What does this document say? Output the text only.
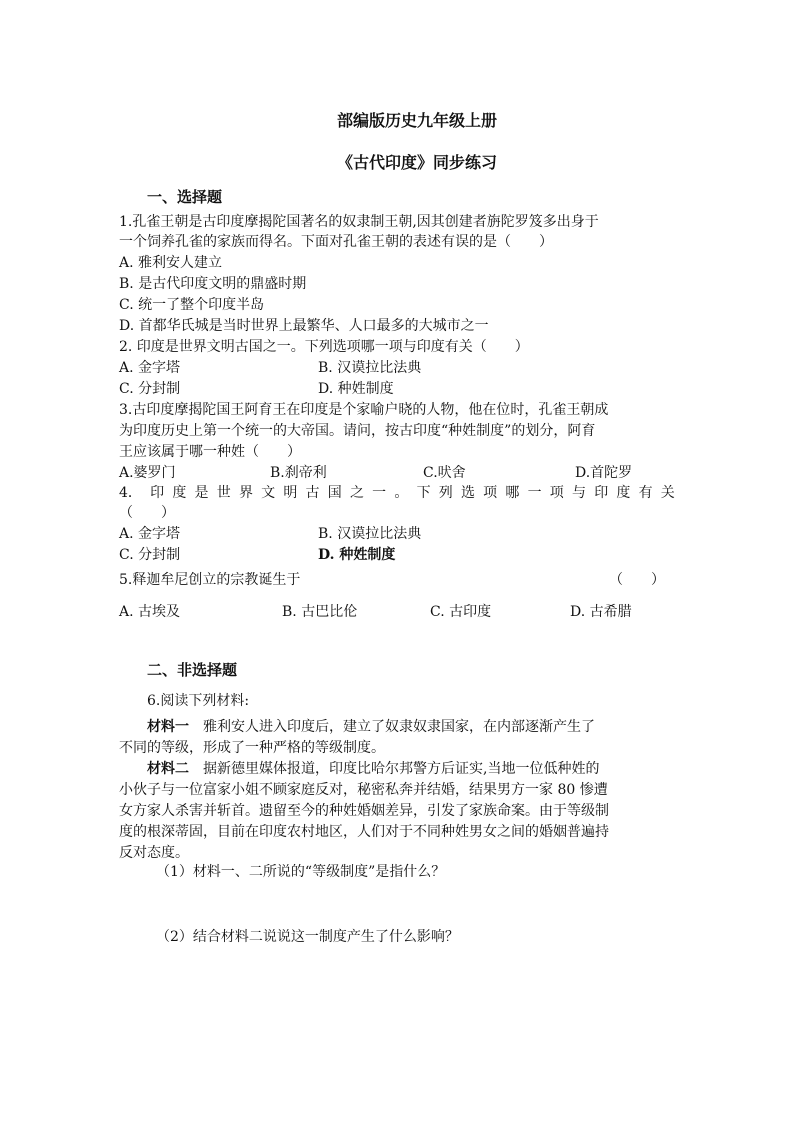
部编版历史九年级上册
《古代印度》同步练习
一、选择题
1.孔雀王朝是古印度摩揭陀国著名的奴隶制王朝,因其创建者旃陀罗笈多出身于
一个饲养孔雀的家族而得名。下面对孔雀王朝的表述有误的是（　　）
A. 雅利安人建立
B. 是古代印度文明的鼎盛时期
C. 统一了整个印度半岛
D. 首都华氏城是当时世界上最繁华、人口最多的大城市之一
2. 印度是世界文明古国之一。下列选项哪一项与印度有关（　　）
A. 金字塔	B. 汉谟拉比法典
C. 分封制	D. 种姓制度
3.古印度摩揭陀国王阿育王在印度是个家喻户晓的人物，他在位时，孔雀王朝成
为印度历史上第一个统一的大帝国。请问，按古印度“种姓制度”的划分，阿育
王应该属于哪一种姓（　　）
A.婆罗门	B.刹帝利	C.吠舍	D.首陀罗
4． 印 度 是 世 界 文 明 古 国 之 一 。 下 列 选 项 哪 一 项 与 印 度 有 关
（　　）
A. 金字塔	B. 汉谟拉比法典
C. 分封制	D. 种姓制度
5.释迦牟尼创立的宗教诞生于	（　　）
A. 古埃及	B. 古巴比伦	C. 古印度	D. 古希腊
二、非选择题
6.阅读下列材料:
材料一　雅利安人进入印度后，建立了奴隶奴隶国家，在内部逐渐产生了
不同的等级，形成了一种严格的等级制度。
材料二　据新德里媒体报道，印度比哈尔邦警方后证实,当地一位低种姓的
小伙子与一位富家小姐不顾家庭反对，秘密私奔并结婚，结果男方一家 80 惨遭
女方家人杀害并斩首。遗留至今的种姓婚姻差异，引发了家族命案。由于等级制
度的根深蒂固，目前在印度农村地区，人们对于不同种姓男女之间的婚姻普遍持
反对态度。
（1）材料一、二所说的“等级制度”是指什么？
（2）结合材料二说说这一制度产生了什么影响？
